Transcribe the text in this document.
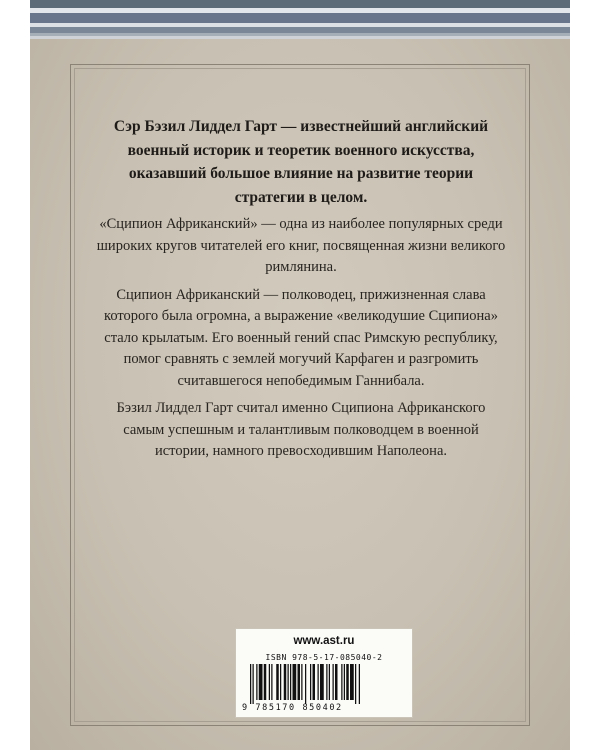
Сэр Бэзил Лиддел Гарт — известнейший английский военный историк и теоретик военного искусства, оказавший большое влияние на развитие теории стратегии в целом.

«Сципион Африканский» — одна из наиболее популярных среди широких кругов читателей его книг, посвященная жизни великого римлянина.

Сципион Африканский — полководец, прижизненная слава которого была огромна, а выражение «великодушие Сципиона» стало крылатым. Его военный гений спас Римскую республику, помог сравнять с землей могучий Карфаген и разгромить считавшегося непобедимым Ганнибала.

Бэзил Лиддел Гарт считал именно Сципиона Африканского самым успешным и талантливым полководцем в военной истории, намного превосходившим Наполеона.

www.ast.ru
ISBN 978-5-17-085040-2
9 785170 850402
